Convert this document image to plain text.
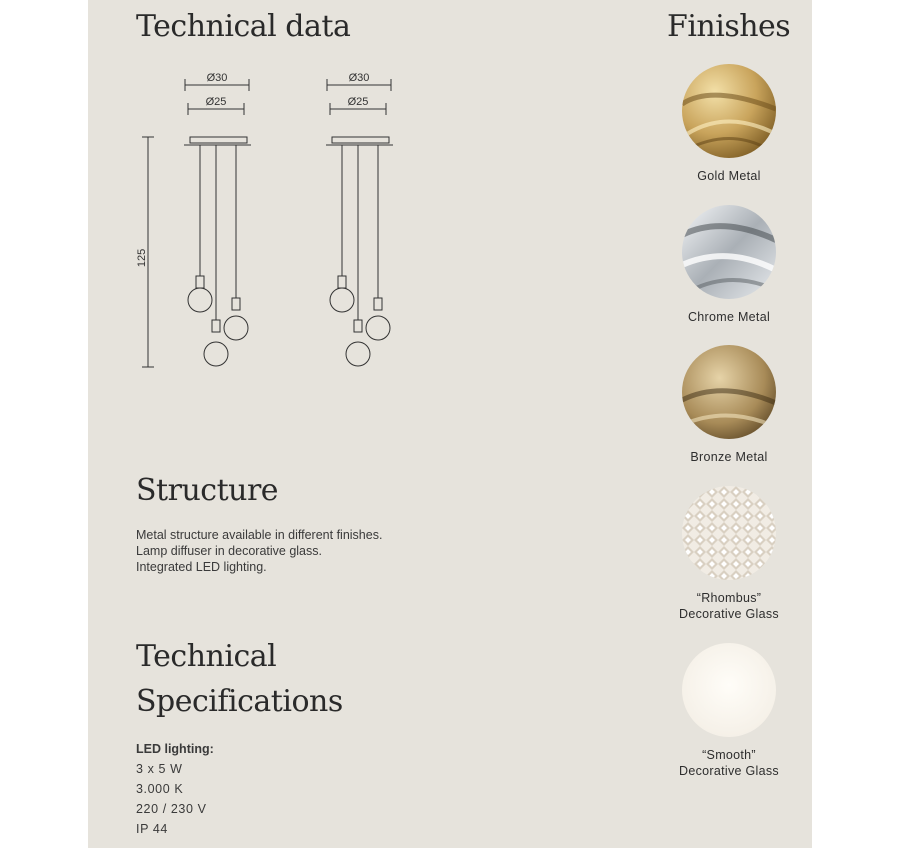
Technical data	Finishes
Ø30
Ø25
Ø30
Ø25
125
Structure
Metal structure available in different finishes.
Lamp diffuser in decorative glass.
Integrated LED lighting.
Technical
Specifications
LED lighting:
3 x 5 W
3.000 K
220 / 230 V
IP 44
Gold Metal
Chrome Metal
Bronze Metal
“Rhombus”
Decorative Glass
“Smooth”
Decorative Glass
